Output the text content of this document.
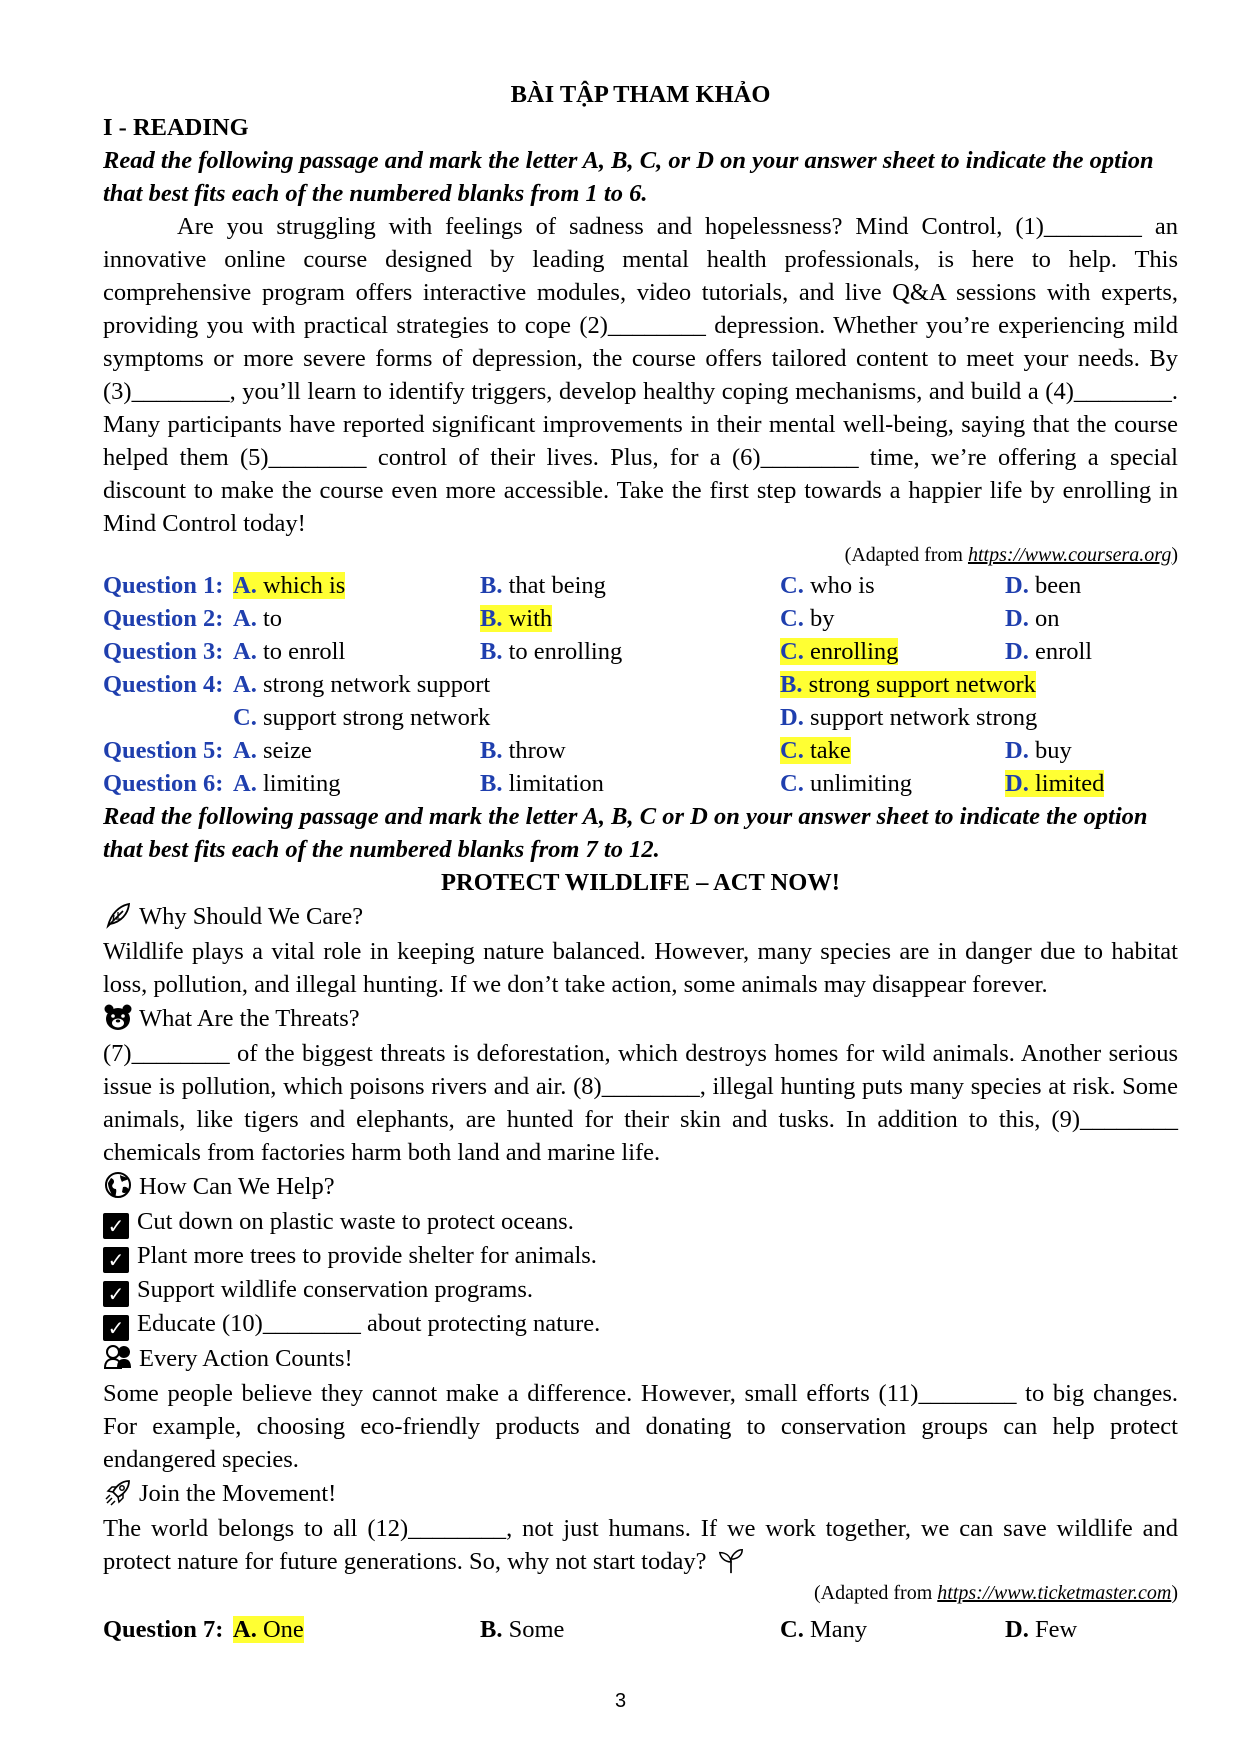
BÀI TẬP THAM KHẢO

I - READING

Read the following passage and mark the letter A, B, C, or D on your answer sheet to indicate the option that best fits each of the numbered blanks from 1 to 6.

Are you struggling with feelings of sadness and hopelessness? Mind Control, (1)________ an innovative online course designed by leading mental health professionals, is here to help. This comprehensive program offers interactive modules, video tutorials, and live Q&A sessions with experts, providing you with practical strategies to cope (2)________ depression. Whether you’re experiencing mild symptoms or more severe forms of depression, the course offers tailored content to meet your needs. By (3)________, you’ll learn to identify triggers, develop healthy coping mechanisms, and build a (4)________. Many participants have reported significant improvements in their mental well-being, saying that the course helped them (5)________ control of their lives. Plus, for a (6)________ time, we’re offering a special discount to make the course even more accessible. Take the first step towards a happier life by enrolling in Mind Control today!

(Adapted from https://www.coursera.org)

Question 1: A. which is	B. that being	C. who is	D. been
Question 2: A. to	B. with	C. by	D. on
Question 3: A. to enroll	B. to enrolling	C. enrolling	D. enroll
Question 4: A. strong network support	B. strong support network
C. support strong network	D. support network strong
Question 5: A. seize	B. throw	C. take	D. buy
Question 6: A. limiting	B. limitation	C. unlimiting	D. limited

Read the following passage and mark the letter A, B, C or D on your answer sheet to indicate the option that best fits each of the numbered blanks from 7 to 12.

PROTECT WILDLIFE – ACT NOW!

Why Should We Care?

Wildlife plays a vital role in keeping nature balanced. However, many species are in danger due to habitat loss, pollution, and illegal hunting. If we don’t take action, some animals may disappear forever.

What Are the Threats?

(7)________ of the biggest threats is deforestation, which destroys homes for wild animals. Another serious issue is pollution, which poisons rivers and air. (8)________, illegal hunting puts many species at risk. Some animals, like tigers and elephants, are hunted for their skin and tusks. In addition to this, (9)________ chemicals from factories harm both land and marine life.

How Can We Help?

✓ Cut down on plastic waste to protect oceans.

✓ Plant more trees to provide shelter for animals.

✓ Support wildlife conservation programs.

✓ Educate (10)________ about protecting nature.

Every Action Counts!

Some people believe they cannot make a difference. However, small efforts (11)________ to big changes. For example, choosing eco-friendly products and donating to conservation groups can help protect endangered species.

Join the Movement!

The world belongs to all (12)________, not just humans. If we work together, we can save wildlife and protect nature for future generations. So, why not start today?

(Adapted from https://www.ticketmaster.com)

Question 7: A. One	B. Some	C. Many	D. Few
3
